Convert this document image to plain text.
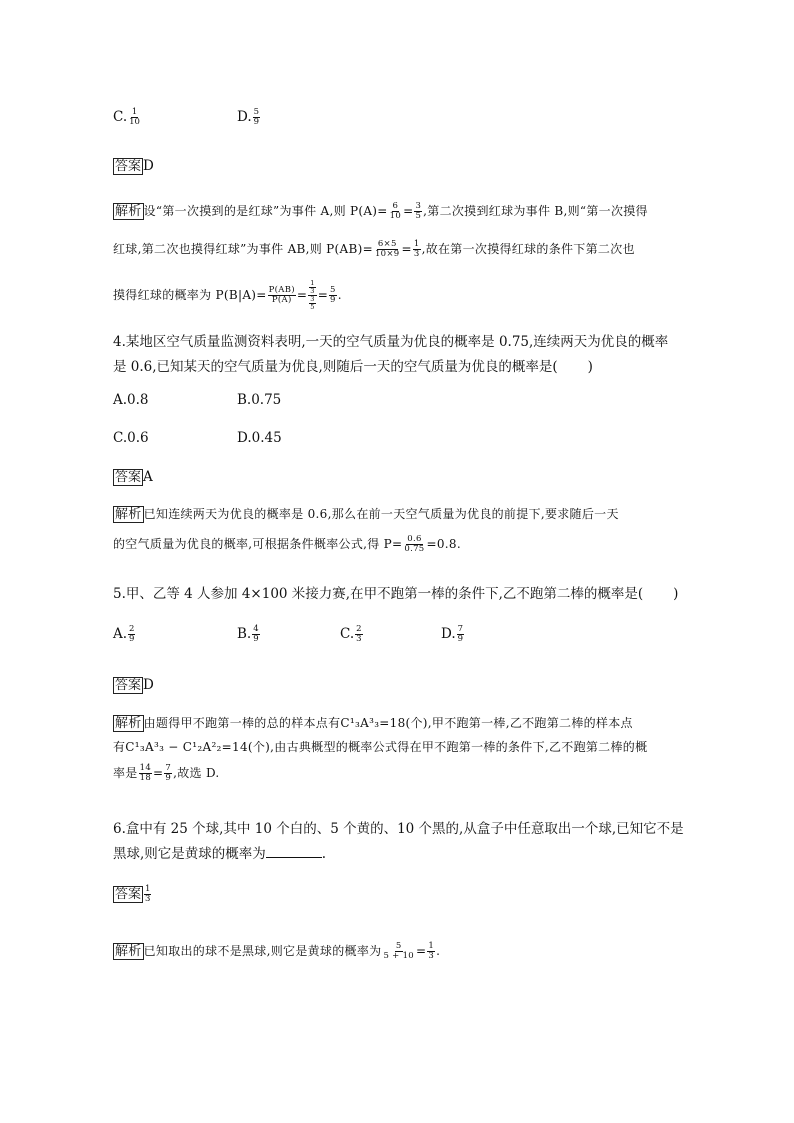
C. $\frac{1}{10}$	D. $\frac{5}{9}$
答案 D
解析 设“第一次摸到的是红球”为事件 A,则 $P(A)= \frac{6}{10} = \frac{3}{5}$ ,第二次摸到红球为事件 B,则“第一次摸得
红球,第二次也摸得红球”为事件 AB,则 $P(AB)= \frac{6\times 5}{10\times 9} = \frac{1}{3}$ ,故在第一次摸得红球的条件下第二次也
摸得红球的概率为 $P(B|A)= \frac{P(AB)}{P(A)} = \frac{\frac{1}{3}}{\frac{3}{5}} = \frac{5}{9}$ .
4.某地区空气质量监测资料表明,一天的空气质量为优良的概率是 0.75,连续两天为优良的概率
是 0.6,已知某天的空气质量为优良,则随后一天的空气质量为优良的概率是( )
A.0.8	B.0.75
C.0.6	D.0.45
答案 A
解析 已知连续两天为优良的概率是 0.6,那么在前一天空气质量为优良的前提下,要求随后一天
的空气质量为优良的概率,可根据条件概率公式,得 $P= \frac{0.6}{0.75} =0.8$.
5.甲、乙等 4 人参加 4×100 米接力赛,在甲不跑第一棒的条件下,乙不跑第二棒的概率是( )
A. $\frac{2}{9}$	B. $\frac{4}{9}$	C. $\frac{2}{3}$	D. $\frac{7}{9}$
答案 D
解析 由题得甲不跑第一棒的总的样本点有C¹₃A³₃=18(个),甲不跑第一棒,乙不跑第二棒的样本点
有C¹₃A³₃ − C¹₂A²₂=14(个),由古典概型的概率公式得在甲不跑第一棒的条件下,乙不跑第二棒的概
率是 $\frac{14}{18} = \frac{7}{9}$ ,故选 D.
6.盒中有 25 个球,其中 10 个白的、5 个黄的、10 个黑的,从盒子中任意取出一个球,已知它不是
黑球,则它是黄球的概率为	.
答案 $\frac{1}{3}$
解析 已知取出的球不是黑球,则它是黄球的概率为 $\frac{5}{5 + 10} = \frac{1}{3}$ .
